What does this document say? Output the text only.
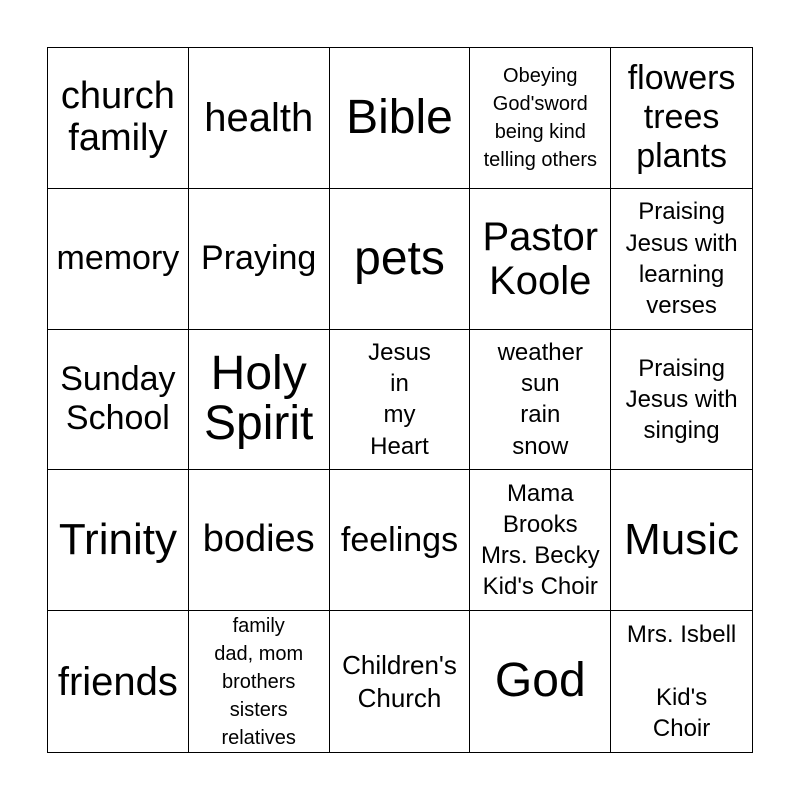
church
family health Bible
Obeying
God'sword
being kind
telling others
flowers
trees
plants
memory Praying pets Pastor
Koole
Praising
Jesus with
learning
verses
Sunday
School
Holy
Spirit
Jesus
in
my
Heart
weather
sun
rain
snow
Praising
Jesus with
singing
Trinity bodies feelings
Mama
Brooks
Mrs. Becky
Kid's Choir
Music
friends
family
dad, mom
brothers
sisters
relatives
Children's
Church	God
Mrs. Isbell

Kid's
Choir
